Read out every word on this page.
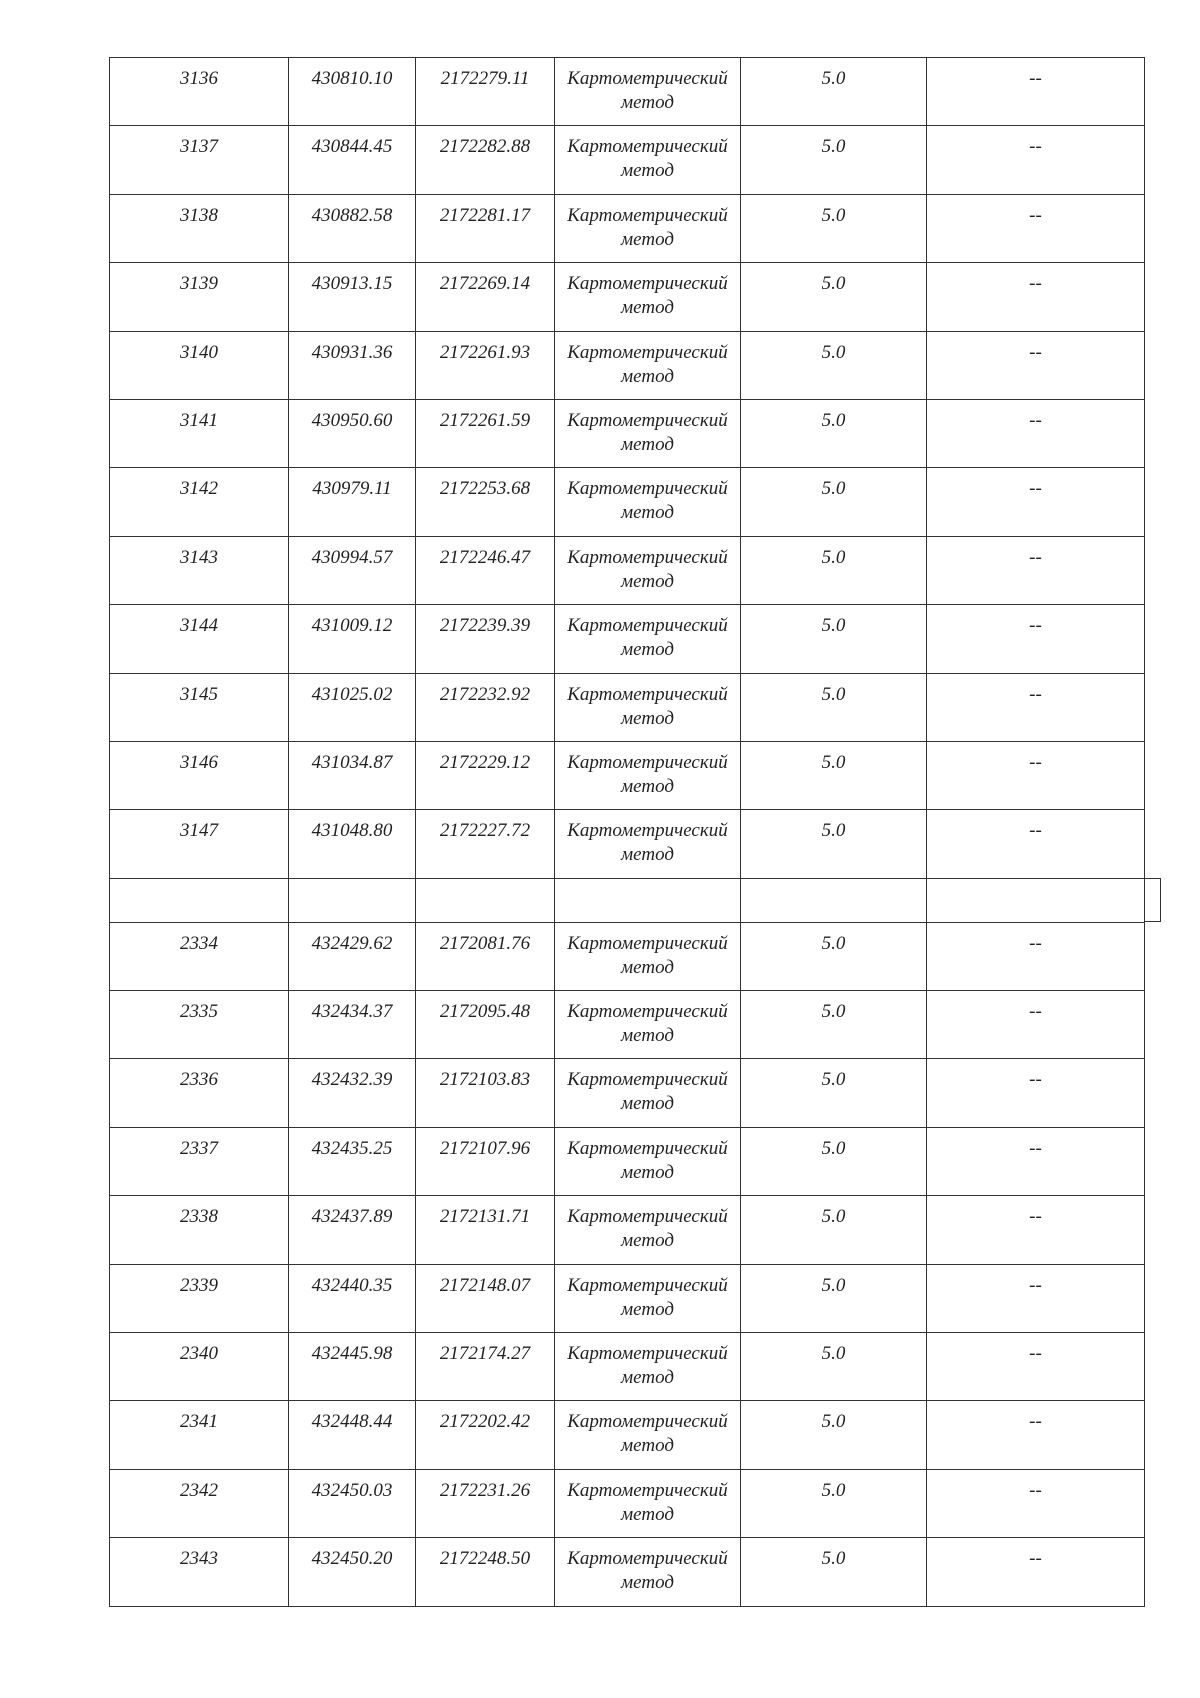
3136	430810.10	2172279.11	Картометрический метод	5.0	--
3137	430844.45	2172282.88	Картометрический метод	5.0	--
3138	430882.58	2172281.17	Картометрический метод	5.0	--
3139	430913.15	2172269.14	Картометрический метод	5.0	--
3140	430931.36	2172261.93	Картометрический метод	5.0	--
3141	430950.60	2172261.59	Картометрический метод	5.0	--
3142	430979.11	2172253.68	Картометрический метод	5.0	--
3143	430994.57	2172246.47	Картометрический метод	5.0	--
3144	431009.12	2172239.39	Картометрический метод	5.0	--
3145	431025.02	2172232.92	Картометрический метод	5.0	--
3146	431034.87	2172229.12	Картометрический метод	5.0	--
3147	431048.80	2172227.72	Картометрический метод	5.0	--

2334	432429.62	2172081.76	Картометрический метод	5.0	--
2335	432434.37	2172095.48	Картометрический метод	5.0	--
2336	432432.39	2172103.83	Картометрический метод	5.0	--
2337	432435.25	2172107.96	Картометрический метод	5.0	--
2338	432437.89	2172131.71	Картометрический метод	5.0	--
2339	432440.35	2172148.07	Картометрический метод	5.0	--
2340	432445.98	2172174.27	Картометрический метод	5.0	--
2341	432448.44	2172202.42	Картометрический метод	5.0	--
2342	432450.03	2172231.26	Картометрический метод	5.0	--
2343	432450.20	2172248.50	Картометрический метод	5.0	--
